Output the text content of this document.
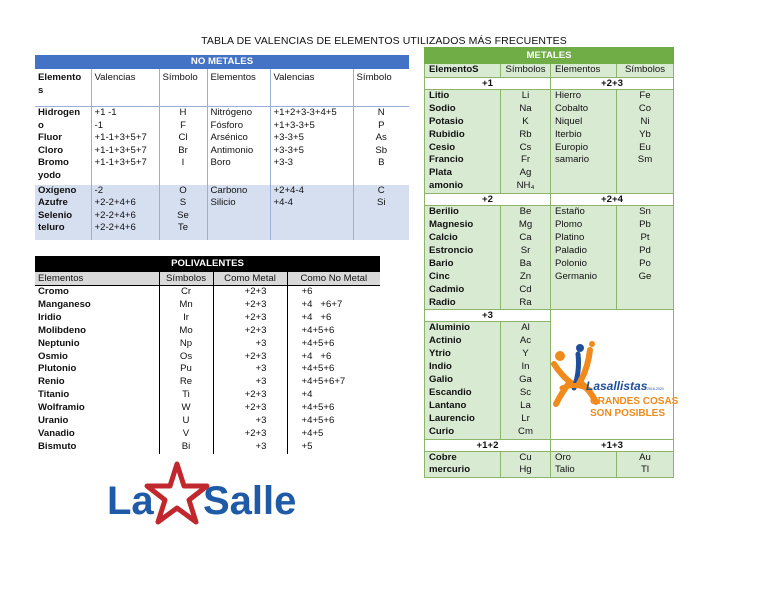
TABLA DE VALENCIAS DE ELEMENTOS UTILIZADOS MÁS FRECUENTES
NO METALES					
Elemento s	Valencias	Símbolo	Elementos	Valencias	Símbolo
Hidrogen	+1 -1	H	Nitrógeno	+1+2+3-3+4+5	N
o	-1	F	Fósforo	+1+3-3+5	P
Fluor	+1-1+3+5+7	Cl	Arsénico	+3-3+5	As
Cloro	+1-1+3+5+7	Br	Antimonio	+3-3+5	Sb
Bromo	+1-1+3+5+7	I	Boro	+3-3	B
yodo					
Oxígeno	-2	O	Carbono	+2+4-4	C
Azufre	+2-2+4+6	S	Silicio	+4-4	Si
Selenio	+2-2+4+6	Se			
teluro	+2-2+4+6	Te			
POLIVALENTES			
Elementos	Símbolos	Como Metal	Como No Metal
Cromo	Cr	+2+3	+6
Manganeso	Mn	+2+3	+4   +6+7
Iridio	Ir	+2+3	+4   +6
Molibdeno	Mo	+2+3	+4+5+6
Neptunio	Np	+3	+4+5+6
Osmio	Os	+2+3	+4   +6
Plutonio	Pu	+3	+4+5+6
Renio	Re	+3	+4+5+6+7
Titanio	Ti	+2+3	+4
Wolframio	W	+2+3	+4+5+6
Uranio	U	+3	+4+5+6
Vanadio	V	+2+3	+4+5
Bismuto	Bi	+3	+5
METALES			
ElementoS	Símbolos	Elementos	Símbolos
+1		+2+3	
Litio	Li	Hierro	Fe
Sodio	Na	Cobalto	Co
Potasio	K	Niquel	Ni
Rubidio	Rb	Iterbio	Yb
Cesio	Cs	Europio	Eu
Francio	Fr	samario	Sm
Plata	Ag		
amonio	NH₄		

+2		+2+4	
Berilio	Be	Estaño	Sn
Magnesio	Mg	Plomo	Pb
Calcio	Ca	Platino	Pt
Estroncio	Sr	Paladio	Pd
Bario	Ba	Polonio	Po
Cinc	Zn	Germanio	Ge
Cadmio	Cd		
Radio	Ra		

+3			
Aluminio	Al		
Actinio	Ac		
Ytrio	Y		
Indio	In		
Galio	Ga		
Escandio	Sc		
Lantano	La		
Laurencio	Lr		
Curio	Cm		

+1+2		+1+3	
Cobre	Cu	Oro	Au
mercurio	Hg	Talio	Tl

La Salle
Lasallistas 2016-2020
GRANDES COSAS
SON POSIBLES
